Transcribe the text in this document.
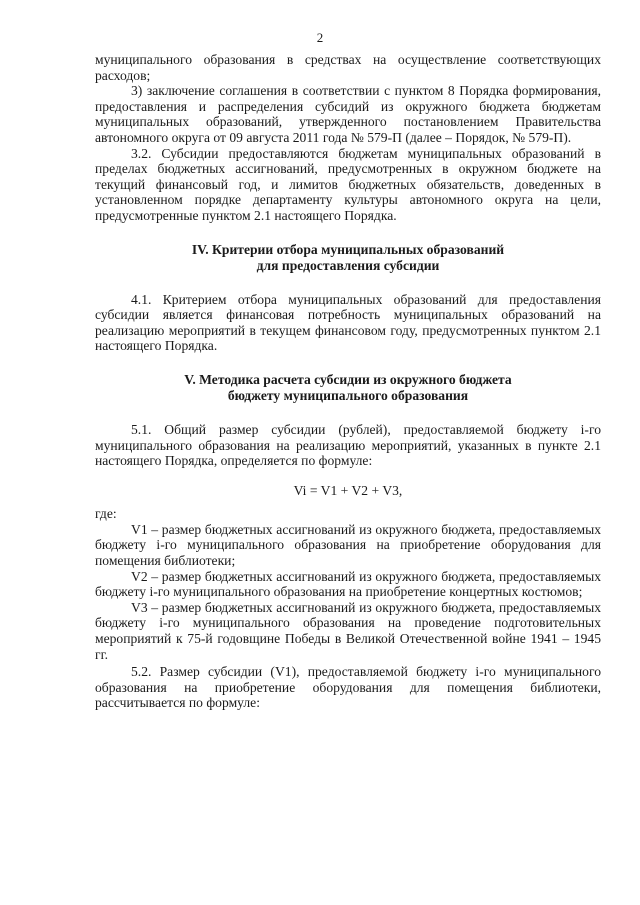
2

муниципального образования в средствах на осуществление соответствующих расходов;

3) заключение соглашения в соответствии с пунктом 8 Порядка формирования, предоставления и распределения субсидий из окружного бюджета бюджетам муниципальных образований, утвержденного постановлением Правительства автономного округа от 09 августа 2011 года № 579-П (далее – Порядок, № 579-П).

3.2. Субсидии предоставляются бюджетам муниципальных образований в пределах бюджетных ассигнований, предусмотренных в окружном бюджете на текущий финансовый год, и лимитов бюджетных обязательств, доведенных в установленном порядке департаменту культуры автономного округа на цели, предусмотренные пунктом 2.1 настоящего Порядка.

IV. Критерии отбора муниципальных образований
для предоставления субсидии

4.1. Критерием отбора муниципальных образований для предоставления субсидии является финансовая потребность муниципальных образований на реализацию мероприятий в текущем финансовом году, предусмотренных пунктом 2.1 настоящего Порядка.

V. Методика расчета субсидии из окружного бюджета
бюджету муниципального образования

5.1. Общий размер субсидии (рублей), предоставляемой бюджету i-го муниципального образования на реализацию мероприятий, указанных в пункте 2.1 настоящего Порядка, определяется по формуле:

Vi = V1 + V2 + V3,

где:

V1 – размер бюджетных ассигнований из окружного бюджета, предоставляемых бюджету i-го муниципального образования на приобретение оборудования для помещения библиотеки;

V2 – размер бюджетных ассигнований из окружного бюджета, предоставляемых бюджету i-го муниципального образования на приобретение концертных костюмов;

V3 – размер бюджетных ассигнований из окружного бюджета, предоставляемых бюджету i-го муниципального образования на проведение подготовительных мероприятий к 75-й годовщине Победы в Великой Отечественной войне 1941 – 1945 гг.

5.2. Размер субсидии (V1), предоставляемой бюджету i-го муниципального образования на приобретение оборудования для помещения библиотеки, рассчитывается по формуле:
